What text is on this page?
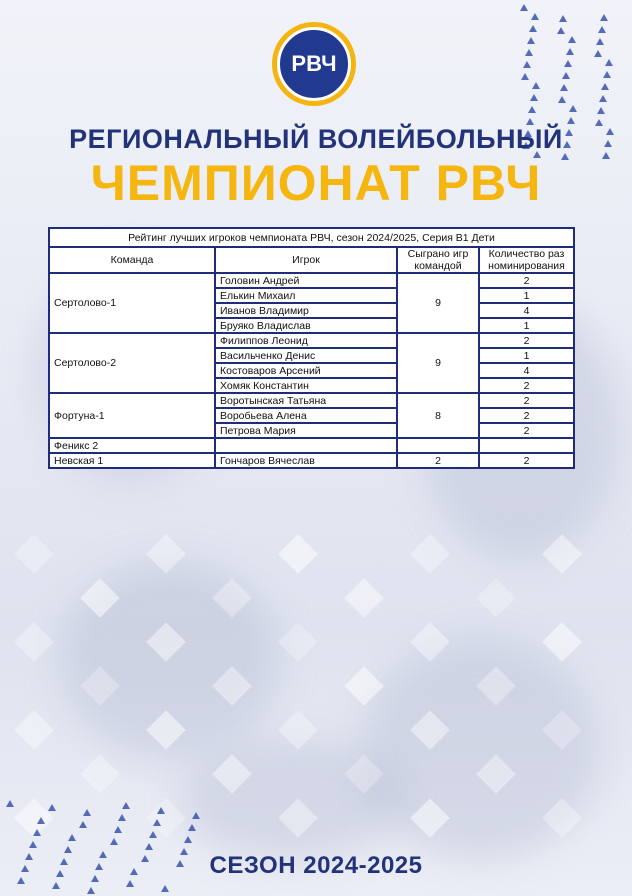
РВЧ
РЕГИОНАЛЬНЫЙ ВОЛЕЙБОЛЬНЫЙ
ЧЕМПИОНАТ РВЧ
Рейтинг лучших игроков чемпионата РВЧ, сезон 2024/2025, Серия B1 Дети			
Команда	Игрок	Сыграно игр командой	Количество раз номинирования
Сертолово-1	Головин Андрей	9	2
	Елькин Михаил		1
	Иванов Владимир		4
	Бруяко Владислав		1
Сертолово-2	Филиппов Леонид	9	2
	Васильченко Денис		1
	Костоваров Арсений		4
	Хомяк Константин		2
Фортуна-1	Воротынская Татьяна	8	2
	Воробьева Алена		2
	Петрова Мария		2
Феникс 2			
Невская 1	Гончаров Вячеслав	2	2
СЕЗОН 2024-2025
